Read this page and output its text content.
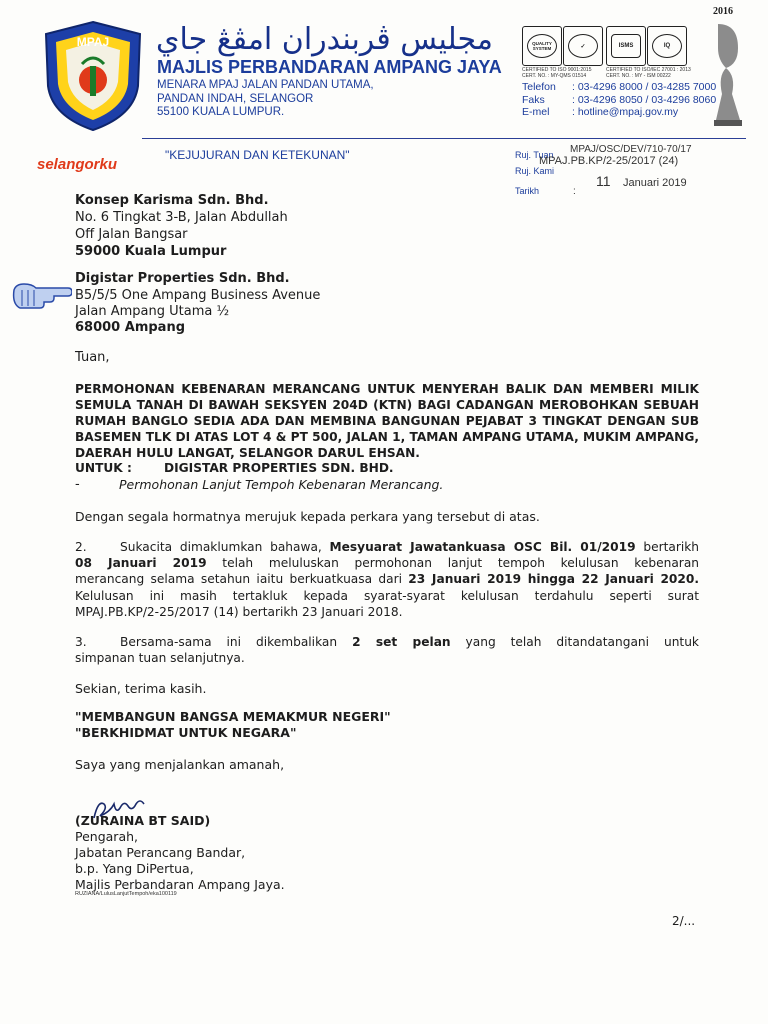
MPAJ مجليس ڤربندران امڤڠ جاي
MAJLIS PERBANDARAN AMPANG JAYA
MENARA MPAJ JALAN PANDAN UTAMA,
PANDAN INDAH, SELANGOR
55100 KUALA LUMPUR.
QUALITY SYSTEM	✓	ISMS	IQ
CERTIFIED TO ISO 9001:2015
CERT. NO. : MY-QMS 01514
CERTIFIED TO ISO/IEC 27001 : 2013
CERT. NO. : MY - ISM 00222
2016
Telefon : 03-4296 8000 / 03-4285 7000
Faks	: 03-4296 8050 / 03-4296 8060
E-mel : hotline@mpaj.gov.my
selangorku
"KEJUJURAN DAN KETEKUNAN"	Ruj. Tuan MPAJ/OSC/DEV/710-70/17
Ruj. Kami
MPAJ.PB.KP/2-25/2017 (24)
Tarikh	:
11 Januari 2019
Konsep Karisma Sdn. Bhd.
No. 6 Tingkat 3-B, Jalan Abdullah
Off Jalan Bangsar
59000 Kuala Lumpur
Digistar Properties Sdn. Bhd.
B5/5/5 One Ampang Business Avenue
Jalan Ampang Utama ½
68000 Ampang
Tuan,
PERMOHONAN KEBENARAN MERANCANG UNTUK MENYERAH BALIK DAN MEMBERI MILIK
SEMULA TANAH DI BAWAH SEKSYEN 204D (KTN) BAGI CADANGAN MEROBOHKAN SEBUAH
RUMAH BANGLO SEDIA ADA DAN MEMBINA BANGUNAN PEJABAT 3 TINGKAT DENGAN SUB
BASEMEN TLK DI ATAS LOT 4 & PT 500, JALAN 1, TAMAN AMPANG UTAMA, MUKIM AMPANG,
DAERAH HULU LANGAT, SELANGOR DARUL EHSAN.
UNTUK :	DIGISTAR PROPERTIES SDN. BHD.
-	Permohonan Lanjut Tempoh Kebenaran Merancang.
Dengan segala hormatnya merujuk kepada perkara yang tersebut di atas.
2.	Sukacita dimaklumkan bahawa, Mesyuarat Jawatankuasa OSC Bil. 01/2019 bertarikh
08 Januari 2019 telah meluluskan permohonan lanjut tempoh kelulusan kebenaran
merancang selama setahun iaitu berkuatkuasa dari 23 Januari 2019 hingga 22 Januari 2020.
Kelulusan ini masih tertakluk kepada syarat-syarat kelulusan terdahulu seperti surat
MPAJ.PB.KP/2-25/2017 (14) bertarikh 23 Januari 2018.
3.	Bersama-sama ini dikembalikan 2 set pelan yang telah ditandatangani untuk
simpanan tuan selanjutnya.
Sekian, terima kasih.
"MEMBANGUN BANGSA MEMAKMUR NEGERI"
"BERKHIDMAT UNTUK NEGARA"
Saya yang menjalankan amanah,
(ZURAINA BT SAID)
Pengarah,
Jabatan Perancang Bandar,
b.p. Yang DiPertua,
Majlis Perbandaran Ampang Jaya.
RUZIANA/LulusLanjutTempoh/eka100119
2/...
